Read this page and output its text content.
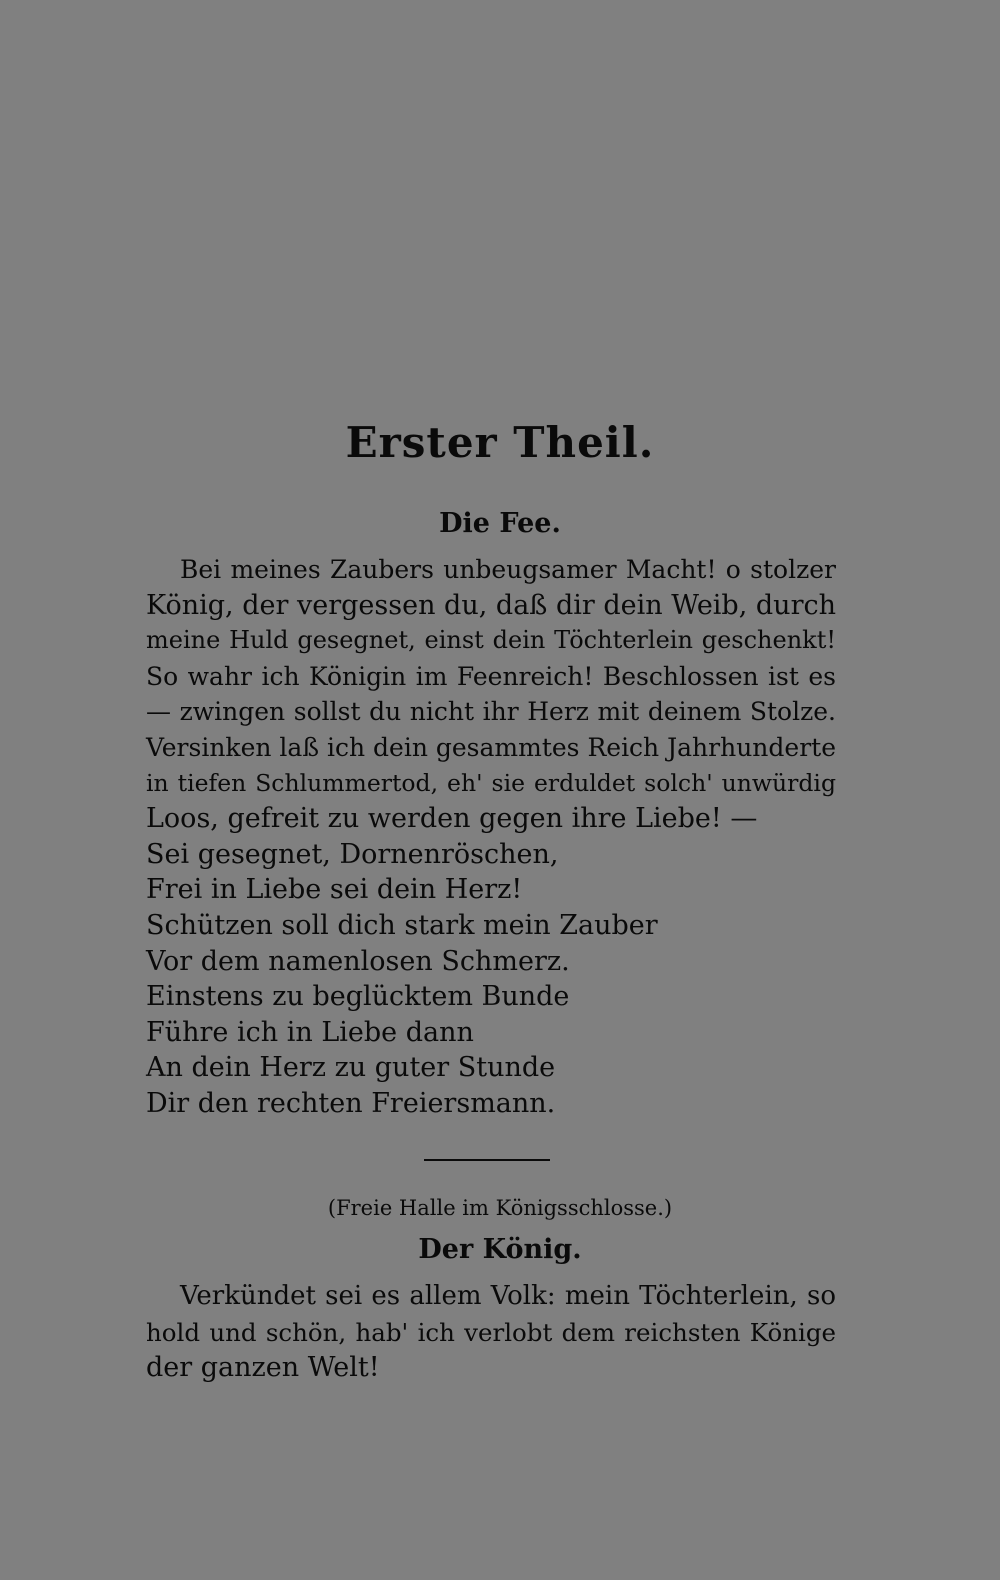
Erster Theil.
Die Fee.
Bei meines Zaubers unbeugsamer Macht! o stolzer
König, der vergessen du, daß dir dein Weib, durch
meine Huld gesegnet, einst dein Töchterlein geschenkt!
So wahr ich Königin im Feenreich! Beschlossen ist es
— zwingen sollst du nicht ihr Herz mit deinem Stolze.
Versinken laß ich dein gesammtes Reich Jahrhunderte
in tiefen Schlummertod, eh' sie erduldet solch' unwürdig
Loos, gefreit zu werden gegen ihre Liebe! —
Sei gesegnet, Dornenröschen,
Frei in Liebe sei dein Herz!
Schützen soll dich stark mein Zauber
Vor dem namenlosen Schmerz.
Einstens zu beglücktem Bunde
Führe ich in Liebe dann
An dein Herz zu guter Stunde
Dir den rechten Freiersmann.

(Freie Halle im Königsschlosse.)

Der König.
Verkündet sei es allem Volk: mein Töchterlein, so
hold und schön, hab' ich verlobt dem reichsten Könige
der ganzen Welt!
